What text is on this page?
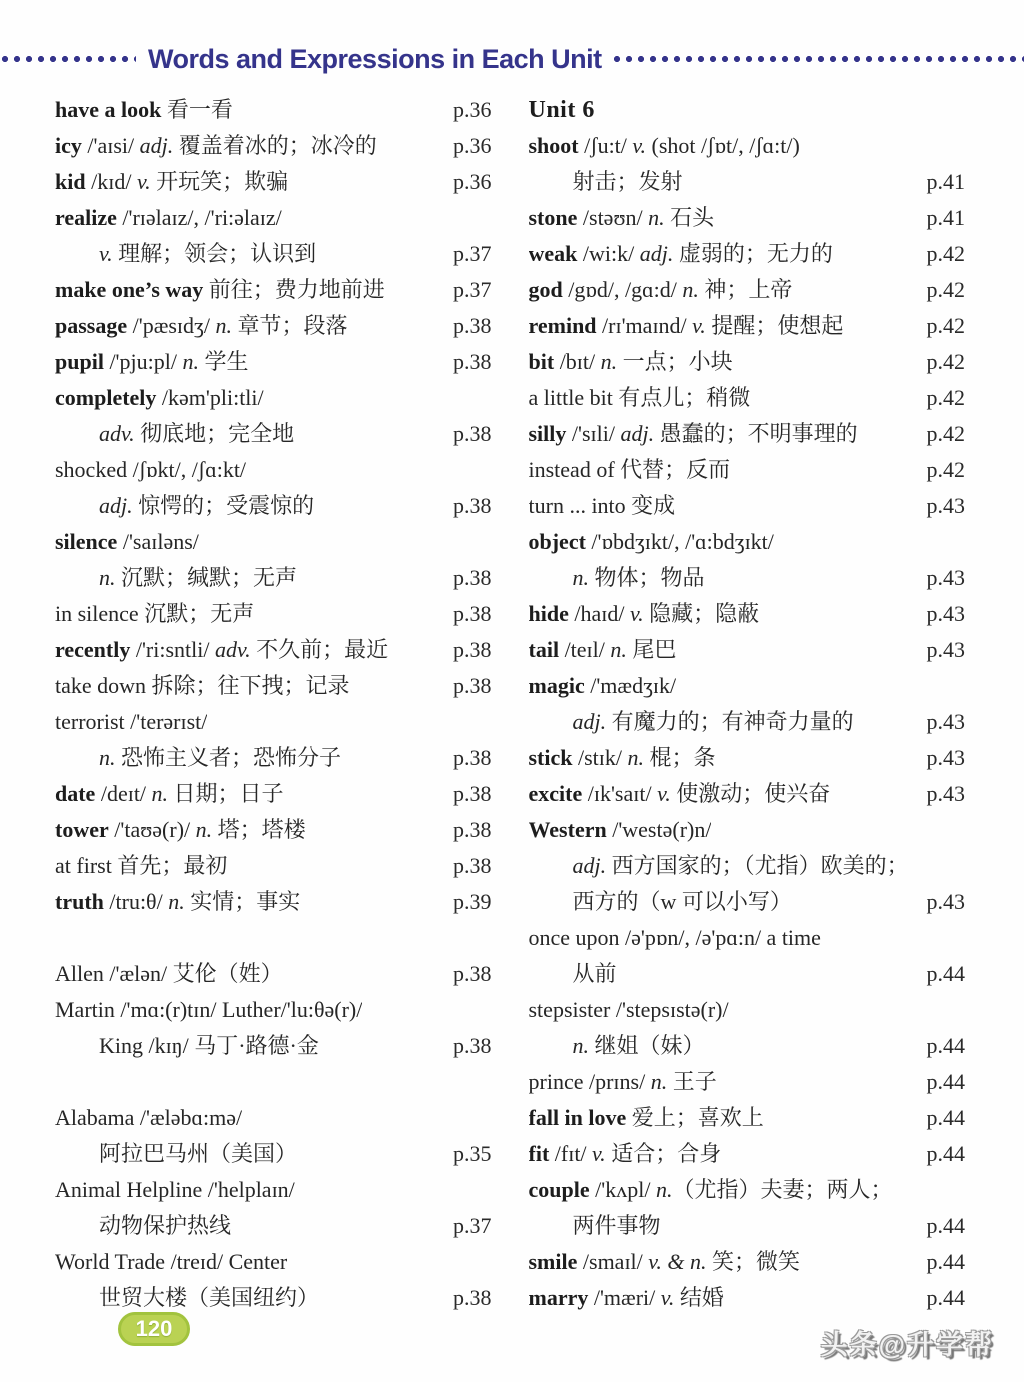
Words and Expressions in Each Unit
have a look 看一看	p.36
icy /'aɪsi/ adj. 覆盖着冰的；冰冷的	p.36
kid /kɪd/ v. 开玩笑；欺骗	p.36
realize /'rɪəlaɪz/, /'ri:əlaɪz/
v. 理解；领会；认识到	p.37
make one’s way 前往；费力地前进	p.37
passage /'pæsɪdʒ/ n. 章节；段落	p.38
pupil /'pju:pl/ n. 学生	p.38
completely /kəm'pli:tli/
adv. 彻底地；完全地	p.38
shocked /ʃɒkt/, /ʃɑ:kt/
adj. 惊愕的；受震惊的	p.38
silence /'saɪləns/
n. 沉默；缄默；无声	p.38
in silence 沉默；无声	p.38
recently /'ri:sntli/ adv. 不久前；最近	p.38
take down 拆除；往下拽；记录	p.38
terrorist /'terərɪst/
n. 恐怖主义者；恐怖分子	p.38
date /deɪt/ n. 日期；日子	p.38
tower /'taʊə(r)/ n. 塔；塔楼	p.38
at first 首先；最初	p.38
truth /tru:θ/ n. 实情；事实	p.39
Allen /'ælən/ 艾伦（姓）	p.38
Martin /'mɑ:(r)tɪn/ Luther/'lu:θə(r)/
King /kɪŋ/ 马丁·路德·金	p.38
Alabama /'æləbɑ:mə/
阿拉巴马州（美国）	p.35
Animal Helpline /'helplaɪn/
动物保护热线	p.37
World Trade /treɪd/ Center
世贸大楼（美国纽约）	p.38
Unit 6
shoot /ʃu:t/ v. (shot /ʃɒt/, /ʃɑ:t/)
射击；发射	p.41
stone /stəʊn/ n. 石头	p.41
weak /wi:k/ adj. 虚弱的；无力的	p.42
god /gɒd/, /gɑ:d/ n. 神；上帝	p.42
remind /rɪ'maɪnd/ v. 提醒；使想起	p.42
bit /bɪt/ n. 一点；小块	p.42
a little bit 有点儿；稍微	p.42
silly /'sɪli/ adj. 愚蠢的；不明事理的	p.42
instead of 代替；反而	p.42
turn ... into 变成	p.43
object /'ɒbdʒɪkt/, /'ɑ:bdʒɪkt/
n. 物体；物品	p.43
hide /haɪd/ v. 隐藏；隐蔽	p.43
tail /teɪl/ n. 尾巴	p.43
magic /'mædʒɪk/
adj. 有魔力的；有神奇力量的	p.43
stick /stɪk/ n. 棍；条	p.43
excite /ɪk'saɪt/ v. 使激动；使兴奋	p.43
Western /'westə(r)n/
adj. 西方国家的；（尤指）欧美的；
西方的（w 可以小写）	p.43
once upon /ə'pɒn/, /ə'pɑ:n/ a time
从前	p.44
stepsister /'stepsɪstə(r)/
n. 继姐（妹）	p.44
prince /prɪns/ n. 王子	p.44
fall in love 爱上；喜欢上	p.44
fit /fɪt/ v. 适合；合身	p.44
couple /'kʌpl/ n.（尤指）夫妻；两人；
两件事物	p.44
smile /smaɪl/ v. & n. 笑；微笑	p.44
marry /'mæri/ v. 结婚	p.44
120
头条@升学帮
